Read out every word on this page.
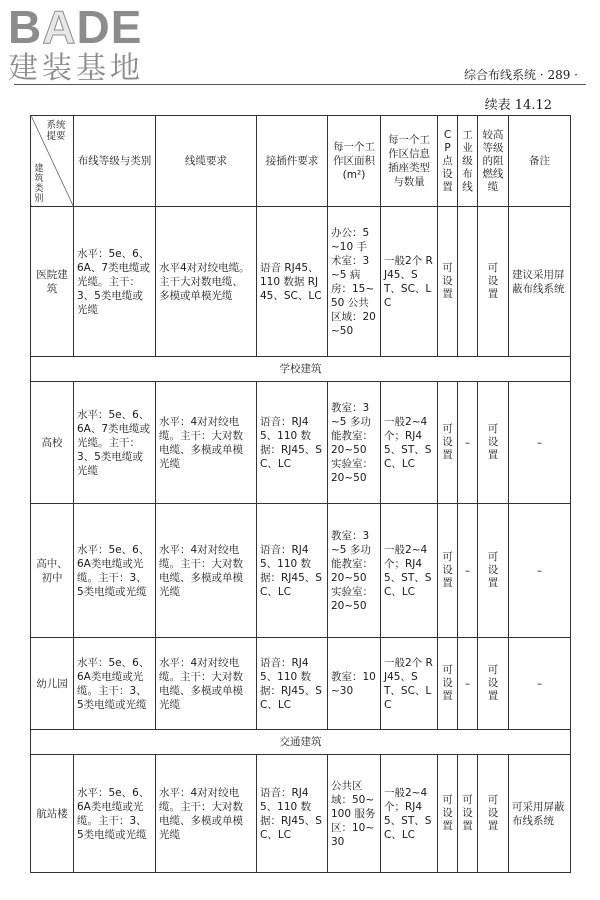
BADE
建装基地	综合布线系统 · 289 ·
续表 14.12
系统提要
建筑类别	布线等级与类别	线缆要求	接插件要求	每一个工作区面积(m²)	每一个工作区信息插座类型与数量	CP点设置	工业级布线	较高等级的阻燃线缆	备注
医院建筑	水平：5e、6、6A、7类电缆或光缆。主干：3、5类电缆或光缆	水平4对对绞电缆。主干大对数电缆、多模或单模光缆	语音 RJ45、110 数据 RJ45、SC、LC	办公：5~10 手术室：3~5 病房：15~50 公共区域：20~50	一般2个 RJ45、ST、SC、LC	可设置		可设置	建议采用屏蔽布线系统
学校建筑									
高校	水平：5e、6、6A、7类电缆或光缆。主干：3、5类电缆或光缆	水平：4对对绞电缆。主干：大对数电缆、多模或单模光缆	语音：RJ45、110 数据：RJ45、SC、LC	教室：3~5 多功能教室：20~50 实验室：20~50	一般2~4个；RJ45、ST、SC、LC	可设置	–	可设置	–
高中、初中	水平：5e、6、6A类电缆或光缆。主干：3、5类电缆或光缆	水平：4对对绞电缆。主干：大对数电缆、多模或单模光缆	语音：RJ45、110 数据：RJ45、SC、LC	教室：3~5 多功能教室：20~50 实验室：20~50	一般2~4个；RJ45、ST、SC、LC	可设置	–	可设置	–
幼儿园	水平：5e、6、6A类电缆或光缆。主干：3、5类电缆或光缆	水平：4对对绞电缆。主干：大对数电缆、多模或单模光缆	语音：RJ45、110 数据：RJ45、SC、LC	教室：10~30	一般2个 RJ45、ST、SC、LC	可设置	–	可设置	–
交通建筑									
航站楼	水平：5e、6、6A类电缆或光缆。主干：3、5类电缆或光缆	水平：4对对绞电缆。主干：大对数电缆、多模或单模光缆	语音：RJ45、110 数据：RJ45、SC、LC	公共区域：50~100 服务区：10~30	一般2~4个；RJ45、ST、SC、LC	可设置	可设置	可设置	可采用屏蔽布线系统
